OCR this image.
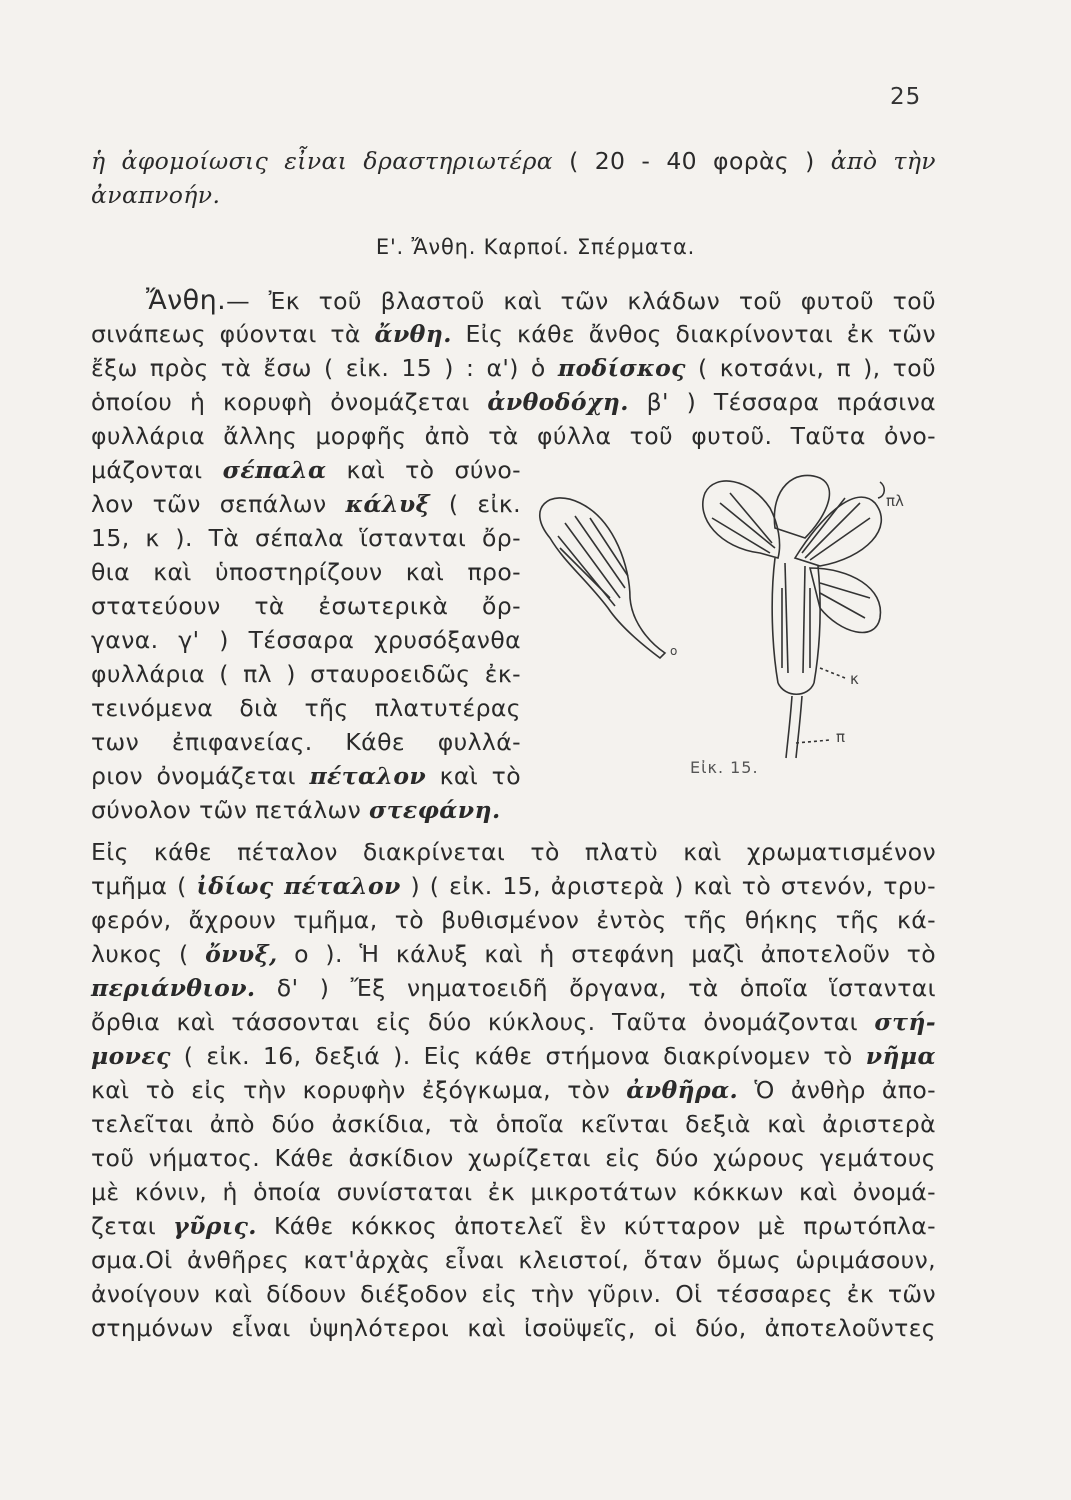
25
ἡ ἀφομοίωσις εἶναι δραστηριωτέρα ( 20 - 40 φορὰς ) ἀπὸ τὴν
ἀναπνοήν.
Ε'. Ἄνθη. Καρποί. Σπέρματα.
Ἄνθη.— Ἐκ τοῦ βλαστοῦ καὶ τῶν κλάδων τοῦ φυτοῦ τοῦ
σινάπεως φύονται τὰ ἄνθη. Εἰς κάθε ἄνθος διακρίνονται ἐκ τῶν
ἔξω πρὸς τὰ ἔσω ( εἰκ. 15 ) : α') ὁ ποδίσκος ( κοτσάνι, π ), τοῦ
ὁποίου ἡ κορυφὴ ὀνομάζεται ἀνθοδόχη. β' ) Τέσσαρα πράσινα
φυλλάρια ἄλλης μορφῆς ἀπὸ τὰ φύλλα τοῦ φυτοῦ. Ταῦτα ὀνο-
μάζονται σέπαλα καὶ τὸ σύνο-
λον τῶν σεπάλων κάλυξ ( εἰκ.
15, κ ). Τὰ σέπαλα ἵστανται ὄρ-
θια καὶ ὑποστηρίζουν καὶ προ-
στατεύουν τὰ ἐσωτερικὰ ὄρ-
γανα. γ' ) Τέσσαρα χρυσόξανθα
φυλλάρια ( πλ ) σταυροειδῶς ἐκ-
τεινόμενα διὰ τῆς πλατυτέρας
των ἐπιφανείας. Κάθε φυλλά-
ριον ὀνομάζεται πέταλον καὶ τὸ
σύνολον τῶν πετάλων στεφάνη.
πλ
κ
π
ο
Εἰκ. 15.
Εἰς κάθε πέταλον διακρίνεται τὸ πλατὺ καὶ χρωματισμένον
τμῆμα ( ἰδίως πέταλον ) ( εἰκ. 15, ἀριστερὰ ) καὶ τὸ στενόν, τρυ-
φερόν, ἄχρουν τμῆμα, τὸ βυθισμένον ἐντὸς τῆς θήκης τῆς κά-
λυκος ( ὄνυξ, ο ). Ἡ κάλυξ καὶ ἡ στεφάνη μαζὶ ἀποτελοῦν τὸ
περιάνθιον. δ' ) Ἔξ νηματοειδῆ ὄργανα, τὰ ὁποῖα ἵστανται
ὄρθια καὶ τάσσονται εἰς δύο κύκλους. Ταῦτα ὀνομάζονται στή-
μονες ( εἰκ. 16, δεξιά ). Εἰς κάθε στήμονα διακρίνομεν τὸ νῆμα
καὶ τὸ εἰς τὴν κορυφὴν ἐξόγκωμα, τὸν ἀνθῆρα. Ὁ ἀνθὴρ ἀπο-
τελεῖται ἀπὸ δύο ἀσκίδια, τὰ ὁποῖα κεῖνται δεξιὰ καὶ ἀριστερὰ
τοῦ νήματος. Κάθε ἀσκίδιον χωρίζεται εἰς δύο χώρους γεμάτους
μὲ κόνιν, ἡ ὁποία συνίσταται ἐκ μικροτάτων κόκκων καὶ ὀνομά-
ζεται γῦρις. Κάθε κόκκος ἀποτελεῖ ἓν κύτταρον μὲ πρωτόπλα-
σμα.Οἱ ἀνθῆρες κατ'ἀρχὰς εἶναι κλειστοί, ὅταν ὅμως ὡριμάσουν,
ἀνοίγουν καὶ δίδουν διέξοδον εἰς τὴν γῦριν. Οἱ τέσσαρες ἐκ τῶν
στημόνων εἶναι ὑψηλότεροι καὶ ἰσοϋψεῖς, οἱ δύο, ἀποτελοῦντες
